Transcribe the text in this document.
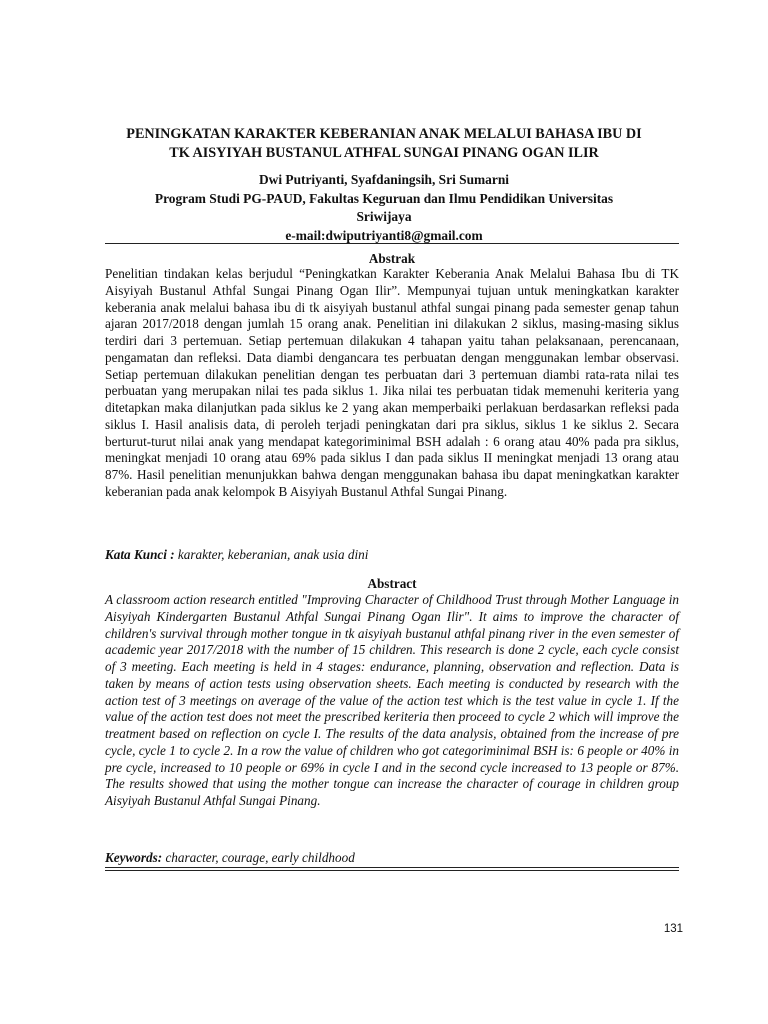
PENINGKATAN KARAKTER KEBERANIAN ANAK MELALUI BAHASA IBU DI
TK AISYIYAH BUSTANUL ATHFAL SUNGAI PINANG OGAN ILIR
Dwi Putriyanti, Syafdaningsih, Sri Sumarni
Program Studi PG-PAUD, Fakultas Keguruan dan Ilmu Pendidikan Universitas
Sriwijaya
e-mail:dwiputriyanti8@gmail.com
Abstrak

Penelitian tindakan kelas berjudul “Peningkatkan Karakter Keberania Anak Melalui Bahasa Ibu di TK Aisyiyah Bustanul Athfal Sungai Pinang Ogan Ilir”. Mempunyai tujuan untuk meningkatkan karakter keberania anak melalui bahasa ibu di tk aisyiyah bustanul athfal sungai pinang pada semester genap tahun ajaran 2017/2018 dengan jumlah 15 orang anak. Penelitian ini dilakukan 2 siklus, masing-masing siklus terdiri dari 3 pertemuan. Setiap pertemuan dilakukan 4 tahapan yaitu tahan pelaksanaan, perencanaan, pengamatan dan refleksi. Data diambi dengancara tes perbuatan dengan menggunakan lembar observasi. Setiap pertemuan dilakukan penelitian dengan tes perbuatan dari 3 pertemuan diambi rata-rata nilai tes perbuatan yang merupakan nilai tes pada siklus 1. Jika nilai tes perbuatan tidak memenuhi keriteria yang ditetapkan maka dilanjutkan pada siklus ke 2 yang akan memperbaiki perlakuan berdasarkan refleksi pada siklus I. Hasil analisis data, di peroleh terjadi peningkatan dari pra siklus, siklus 1 ke siklus 2. Secara berturut-turut nilai anak yang mendapat kategoriminimal BSH adalah : 6 orang atau 40% pada pra siklus, meningkat menjadi 10 orang atau 69% pada siklus I dan pada siklus II meningkat menjadi 13 orang atau 87%. Hasil penelitian menunjukkan bahwa dengan menggunakan bahasa ibu dapat meningkatkan karakter keberanian pada anak kelompok B Aisyiyah Bustanul Athfal Sungai Pinang.

Kata Kunci : karakter, keberanian, anak usia dini
Abstract

A classroom action research entitled "Improving Character of Childhood Trust through Mother Language in Aisyiyah Kindergarten Bustanul Athfal Sungai Pinang Ogan Ilir". It aims to improve the character of children's survival through mother tongue in tk aisyiyah bustanul athfal pinang river in the even semester of academic year 2017/2018 with the number of 15 children. This research is done 2 cycle, each cycle consist of 3 meeting. Each meeting is held in 4 stages: endurance, planning, observation and reflection. Data is taken by means of action tests using observation sheets. Each meeting is conducted by research with the action test of 3 meetings on average of the value of the action test which is the test value in cycle 1. If the value of the action test does not meet the prescribed keriteria then proceed to cycle 2 which will improve the treatment based on reflection on cycle I. The results of the data analysis, obtained from the increase of pre cycle, cycle 1 to cycle 2. In a row the value of children who got categoriminimal BSH is: 6 people or 40% in pre cycle, increased to 10 people or 69% in cycle I and in the second cycle increased to 13 people or 87%. The results showed that using the mother tongue can increase the character of courage in children group Aisyiyah Bustanul Athfal Sungai Pinang.

Keywords: character, courage, early childhood
131
